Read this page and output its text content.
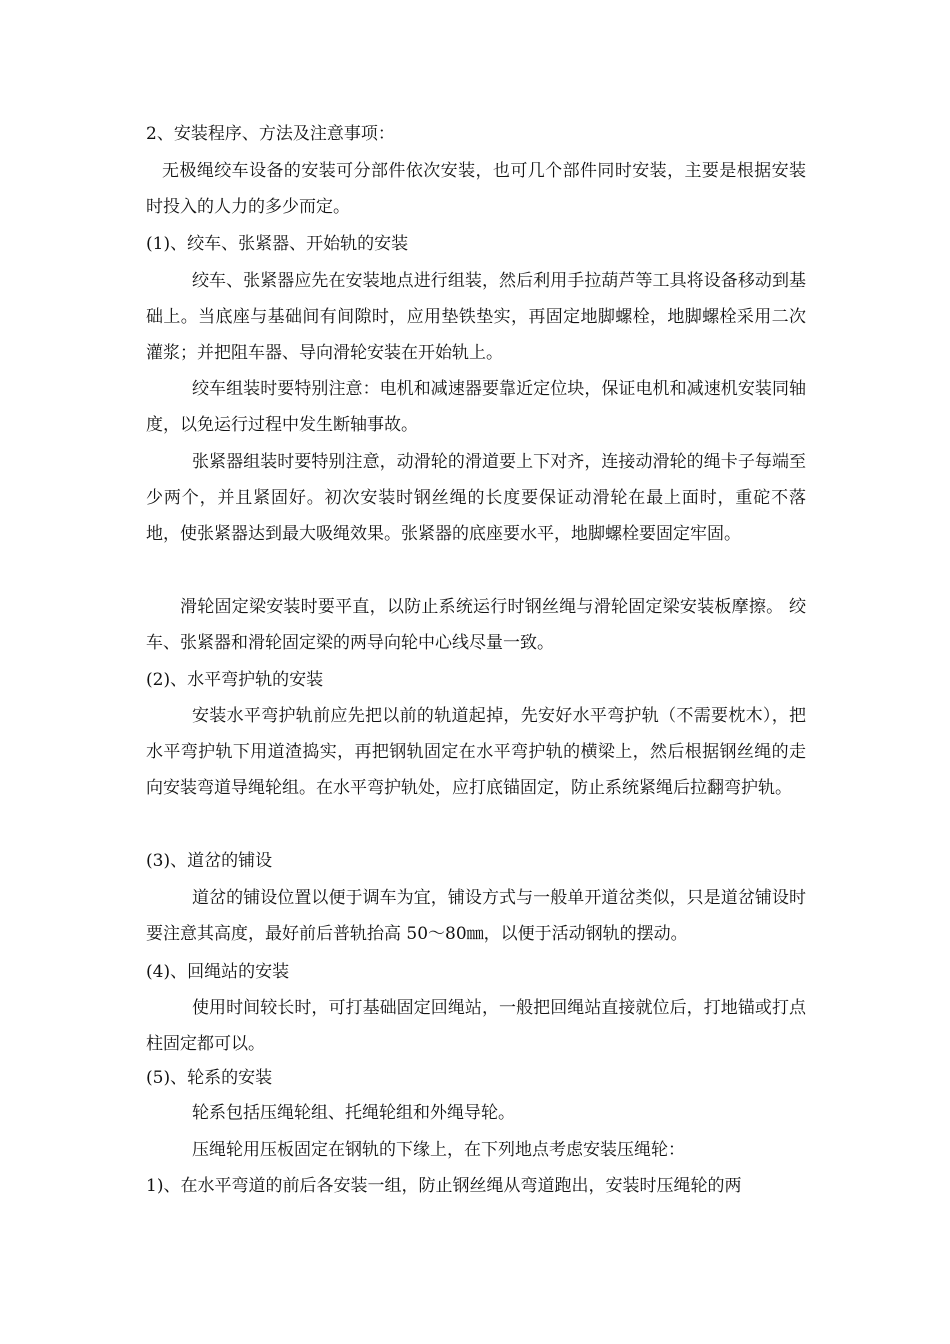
2、安装程序、方法及注意事项：
无极绳绞车设备的安装可分部件依次安装，也可几个部件同时安装，主要是根据安装时投入的人力的多少而定。
(1)、绞车、张紧器、开始轨的安装
绞车、张紧器应先在安装地点进行组装，然后利用手拉葫芦等工具将设备移动到基础上。当底座与基础间有间隙时，应用垫铁垫实，再固定地脚螺栓，地脚螺栓采用二次灌浆；并把阻车器、导向滑轮安装在开始轨上。
绞车组装时要特别注意：电机和减速器要靠近定位块，保证电机和减速机安装同轴度，以免运行过程中发生断轴事故。
张紧器组装时要特别注意，动滑轮的滑道要上下对齐，连接动滑轮的绳卡子每端至少两个，并且紧固好。初次安装时钢丝绳的长度要保证动滑轮在最上面时，重砣不落地，使张紧器达到最大吸绳效果。张紧器的底座要水平，地脚螺栓要固定牢固。
滑轮固定梁安装时要平直，以防止系统运行时钢丝绳与滑轮固定梁安装板摩擦。 绞车、张紧器和滑轮固定梁的两导向轮中心线尽量一致。
(2)、水平弯护轨的安装
安装水平弯护轨前应先把以前的轨道起掉，先安好水平弯护轨（不需要枕木），把水平弯护轨下用道渣捣实，再把钢轨固定在水平弯护轨的横梁上，然后根据钢丝绳的走向安装弯道导绳轮组。在水平弯护轨处，应打底锚固定，防止系统紧绳后拉翻弯护轨。
(3)、道岔的铺设
道岔的铺设位置以便于调车为宜，铺设方式与一般单开道岔类似，只是道岔铺设时要注意其高度，最好前后普轨抬高 50～80㎜，以便于活动钢轨的摆动。
(4)、回绳站的安装
使用时间较长时，可打基础固定回绳站，一般把回绳站直接就位后，打地锚或打点柱固定都可以。
(5)、轮系的安装
轮系包括压绳轮组、托绳轮组和外绳导轮。
压绳轮用压板固定在钢轨的下缘上，在下列地点考虑安装压绳轮：
1)、在水平弯道的前后各安装一组，防止钢丝绳从弯道跑出，安装时压绳轮的两
